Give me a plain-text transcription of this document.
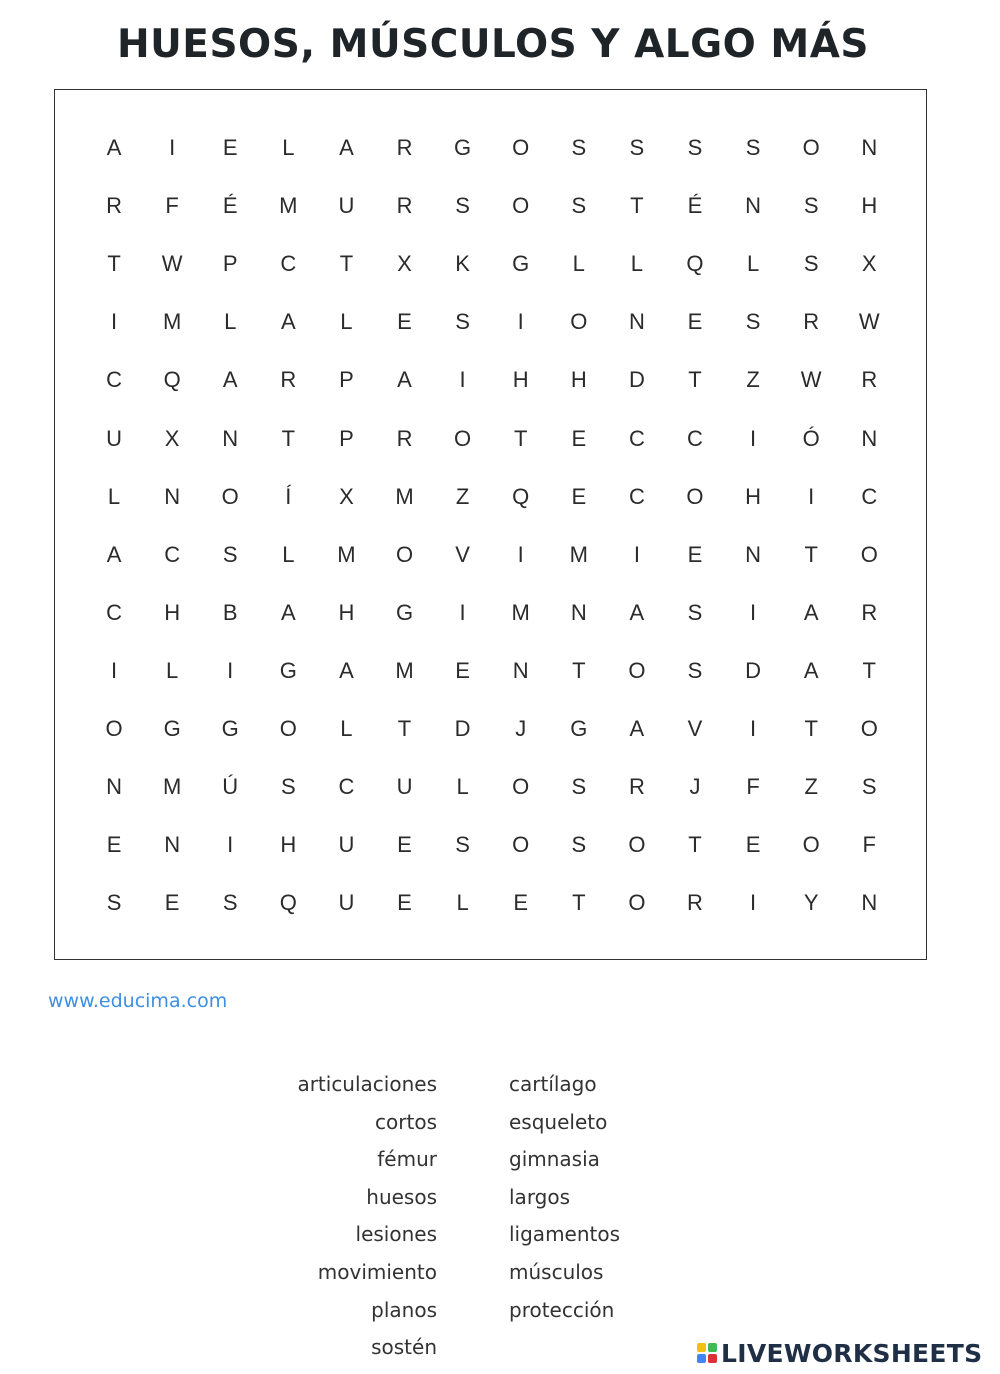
HUESOS, MÚSCULOS Y ALGO MÁS
A	I	E	L	A	R	G	O	S	S	S	S	O	N
R	F	É	M	U	R	S	O	S	T	É	N	S	H
T	W	P	C	T	X	K	G	L	L	Q	L	S	X
I	M	L	A	L	E	S	I	O	N	E	S	R	W
C	Q	A	R	P	A	I	H	H	D	T	Z	W	R
U	X	N	T	P	R	O	T	E	C	C	I	Ó	N
L	N	O	Í	X	M	Z	Q	E	C	O	H	I	C
A	C	S	L	M	O	V	I	M	I	E	N	T	O
C	H	B	A	H	G	I	M	N	A	S	I	A	R
I	L	I	G	A	M	E	N	T	O	S	D	A	T
O	G	G	O	L	T	D	J	G	A	V	I	T	O
N	M	Ú	S	C	U	L	O	S	R	J	F	Z	S
E	N	I	H	U	E	S	O	S	O	T	E	O	F
S	E	S	Q	U	E	L	E	T	O	R	I	Y	N
www.educima.com
articulaciones
cortos
fémur
huesos
lesiones
movimiento
planos
sostén
cartílago
esqueleto
gimnasia
largos
ligamentos
músculos
protección
LIVEWORKSHEETS
